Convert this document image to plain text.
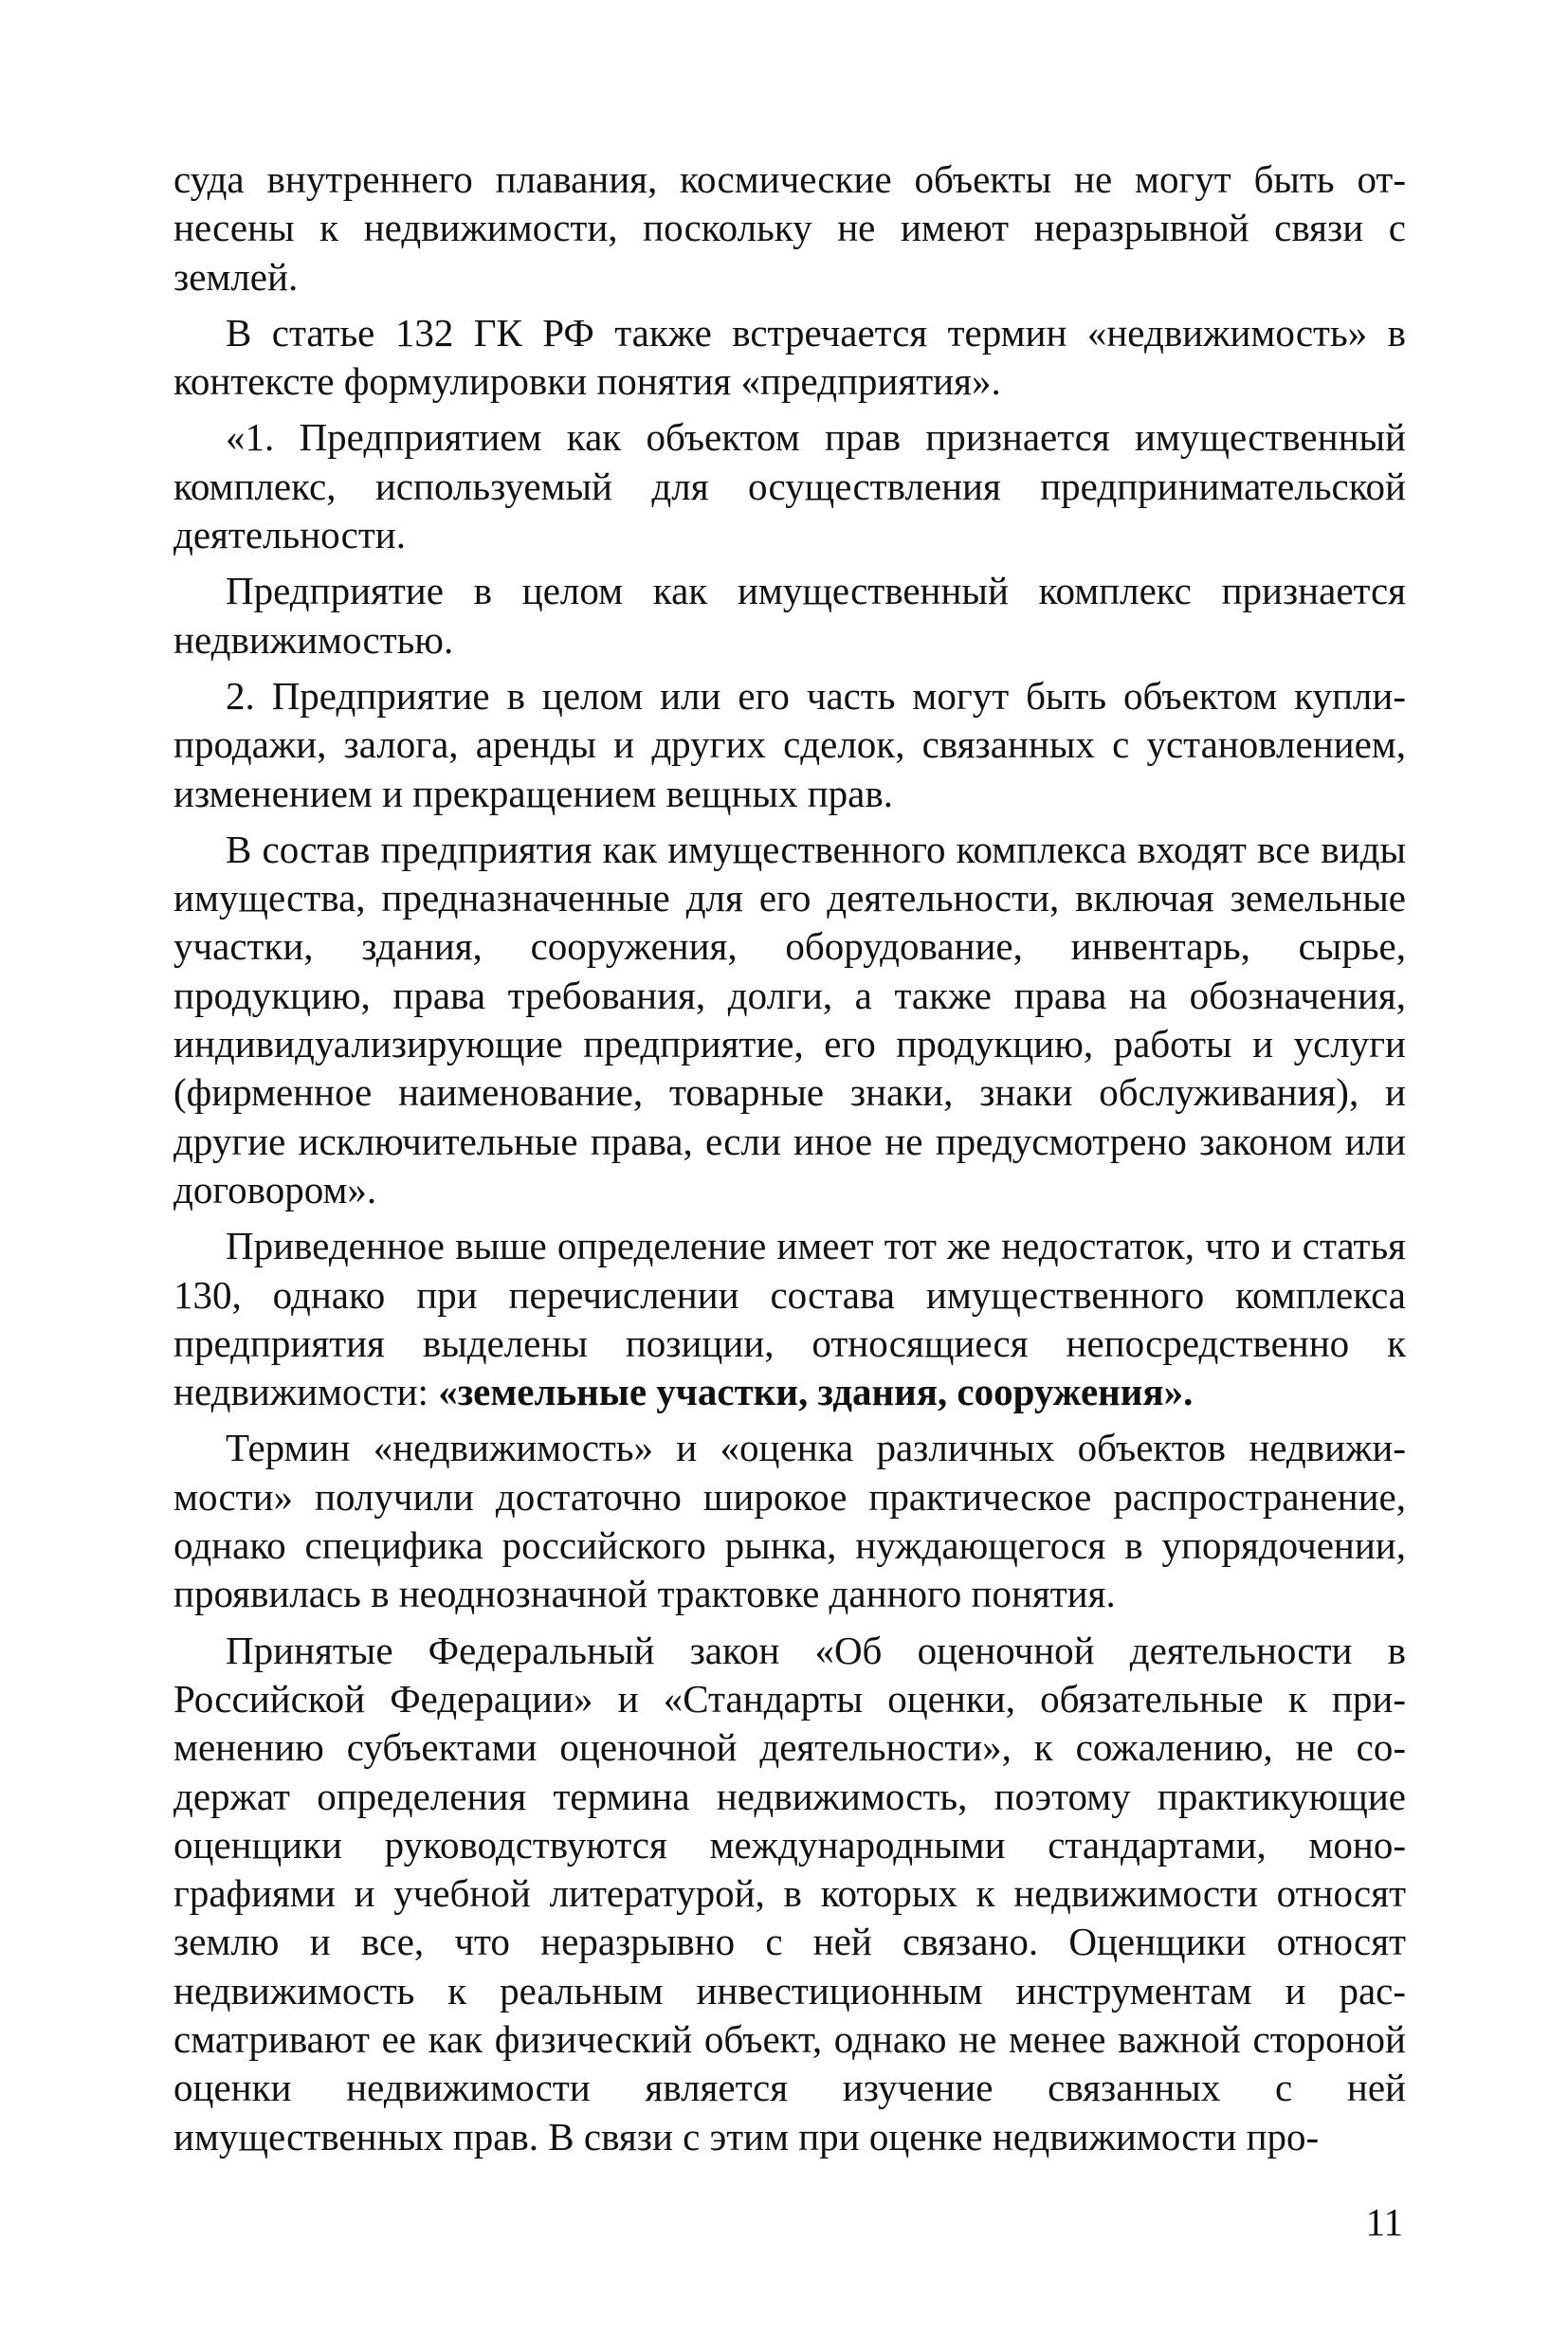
суда внутреннего плавания, космические объекты не могут быть отнесены к недвижимости, поскольку не имеют неразрывной связи с землей.

В статье 132 ГК РФ также встречается термин «недвижимость» в контексте формулировки понятия «предприятия».

«1. Предприятием как объектом прав признается имущественный комплекс, используемый для осуществления предпринимательской деятельности.

Предприятие в целом как имущественный комплекс признается недвижимостью.

2. Предприятие в целом или его часть могут быть объектом купли-продажи, залога, аренды и других сделок, связанных с установлением, изменением и прекращением вещных прав.

В состав предприятия как имущественного комплекса входят все виды имущества, предназначенные для его деятельности, включая земельные участки, здания, сооружения, оборудование, инвентарь, сырье, продукцию, права требования, долги, а также права на обозначения, индивидуализирующие предприятие, его продукцию, работы и услуги (фирменное наименование, товарные знаки, знаки обслуживания), и другие исключительные права, если иное не предусмотрено законом или договором».

Приведенное выше определение имеет тот же недостаток, что и статья 130, однако при перечислении состава имущественного комплекса предприятия выделены позиции, относящиеся непосредственно к недвижимости: «земельные участки, здания, сооружения».

Термин «недвижимость» и «оценка различных объектов недвижимости» получили достаточно широкое практическое распространение, однако специфика российского рынка, нуждающегося в упорядочении, проявилась в неоднозначной трактовке данного понятия.

Принятые Федеральный закон «Об оценочной деятельности в Российской Федерации» и «Стандарты оценки, обязательные к применению субъектами оценочной деятельности», к сожалению, не содержат определения термина недвижимость, поэтому практикующие оценщики руководствуются международными стандартами, монографиями и учебной литературой, в которых к недвижимости относят землю и все, что неразрывно с ней связано. Оценщики относят недвижимость к реальным инвестиционным инструментам и рассматривают ее как физический объект, однако не менее важной стороной оценки недвижимости является изучение связанных с ней имущественных прав. В связи с этим при оценке недвижимости про-

11
